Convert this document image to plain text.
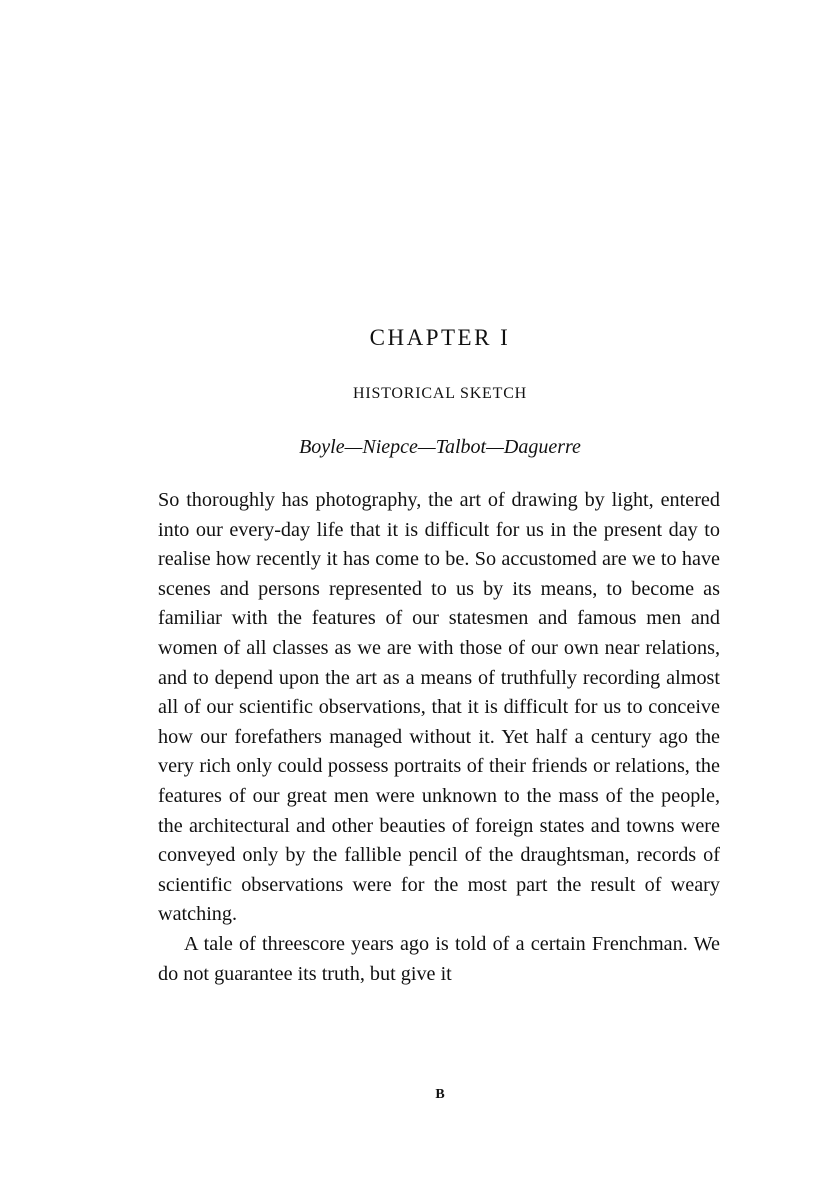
CHAPTER I
HISTORICAL SKETCH
Boyle—Niepce—Talbot—Daguerre

So thoroughly has photography, the art of drawing by light, entered into our every-day life that it is difficult for us in the present day to realise how recently it has come to be. So accustomed are we to have scenes and persons represented to us by its means, to become as familiar with the features of our statesmen and famous men and women of all classes as we are with those of our own near relations, and to depend upon the art as a means of truthfully recording almost all of our scientific observations, that it is difficult for us to conceive how our forefathers managed without it. Yet half a century ago the very rich only could possess portraits of their friends or relations, the features of our great men were unknown to the mass of the people, the architectural and other beauties of foreign states and towns were conveyed only by the fallible pencil of the draughtsman, records of scientific observations were for the most part the result of weary watching.

A tale of threescore years ago is told of a certain Frenchman. We do not guarantee its truth, but give it

B
